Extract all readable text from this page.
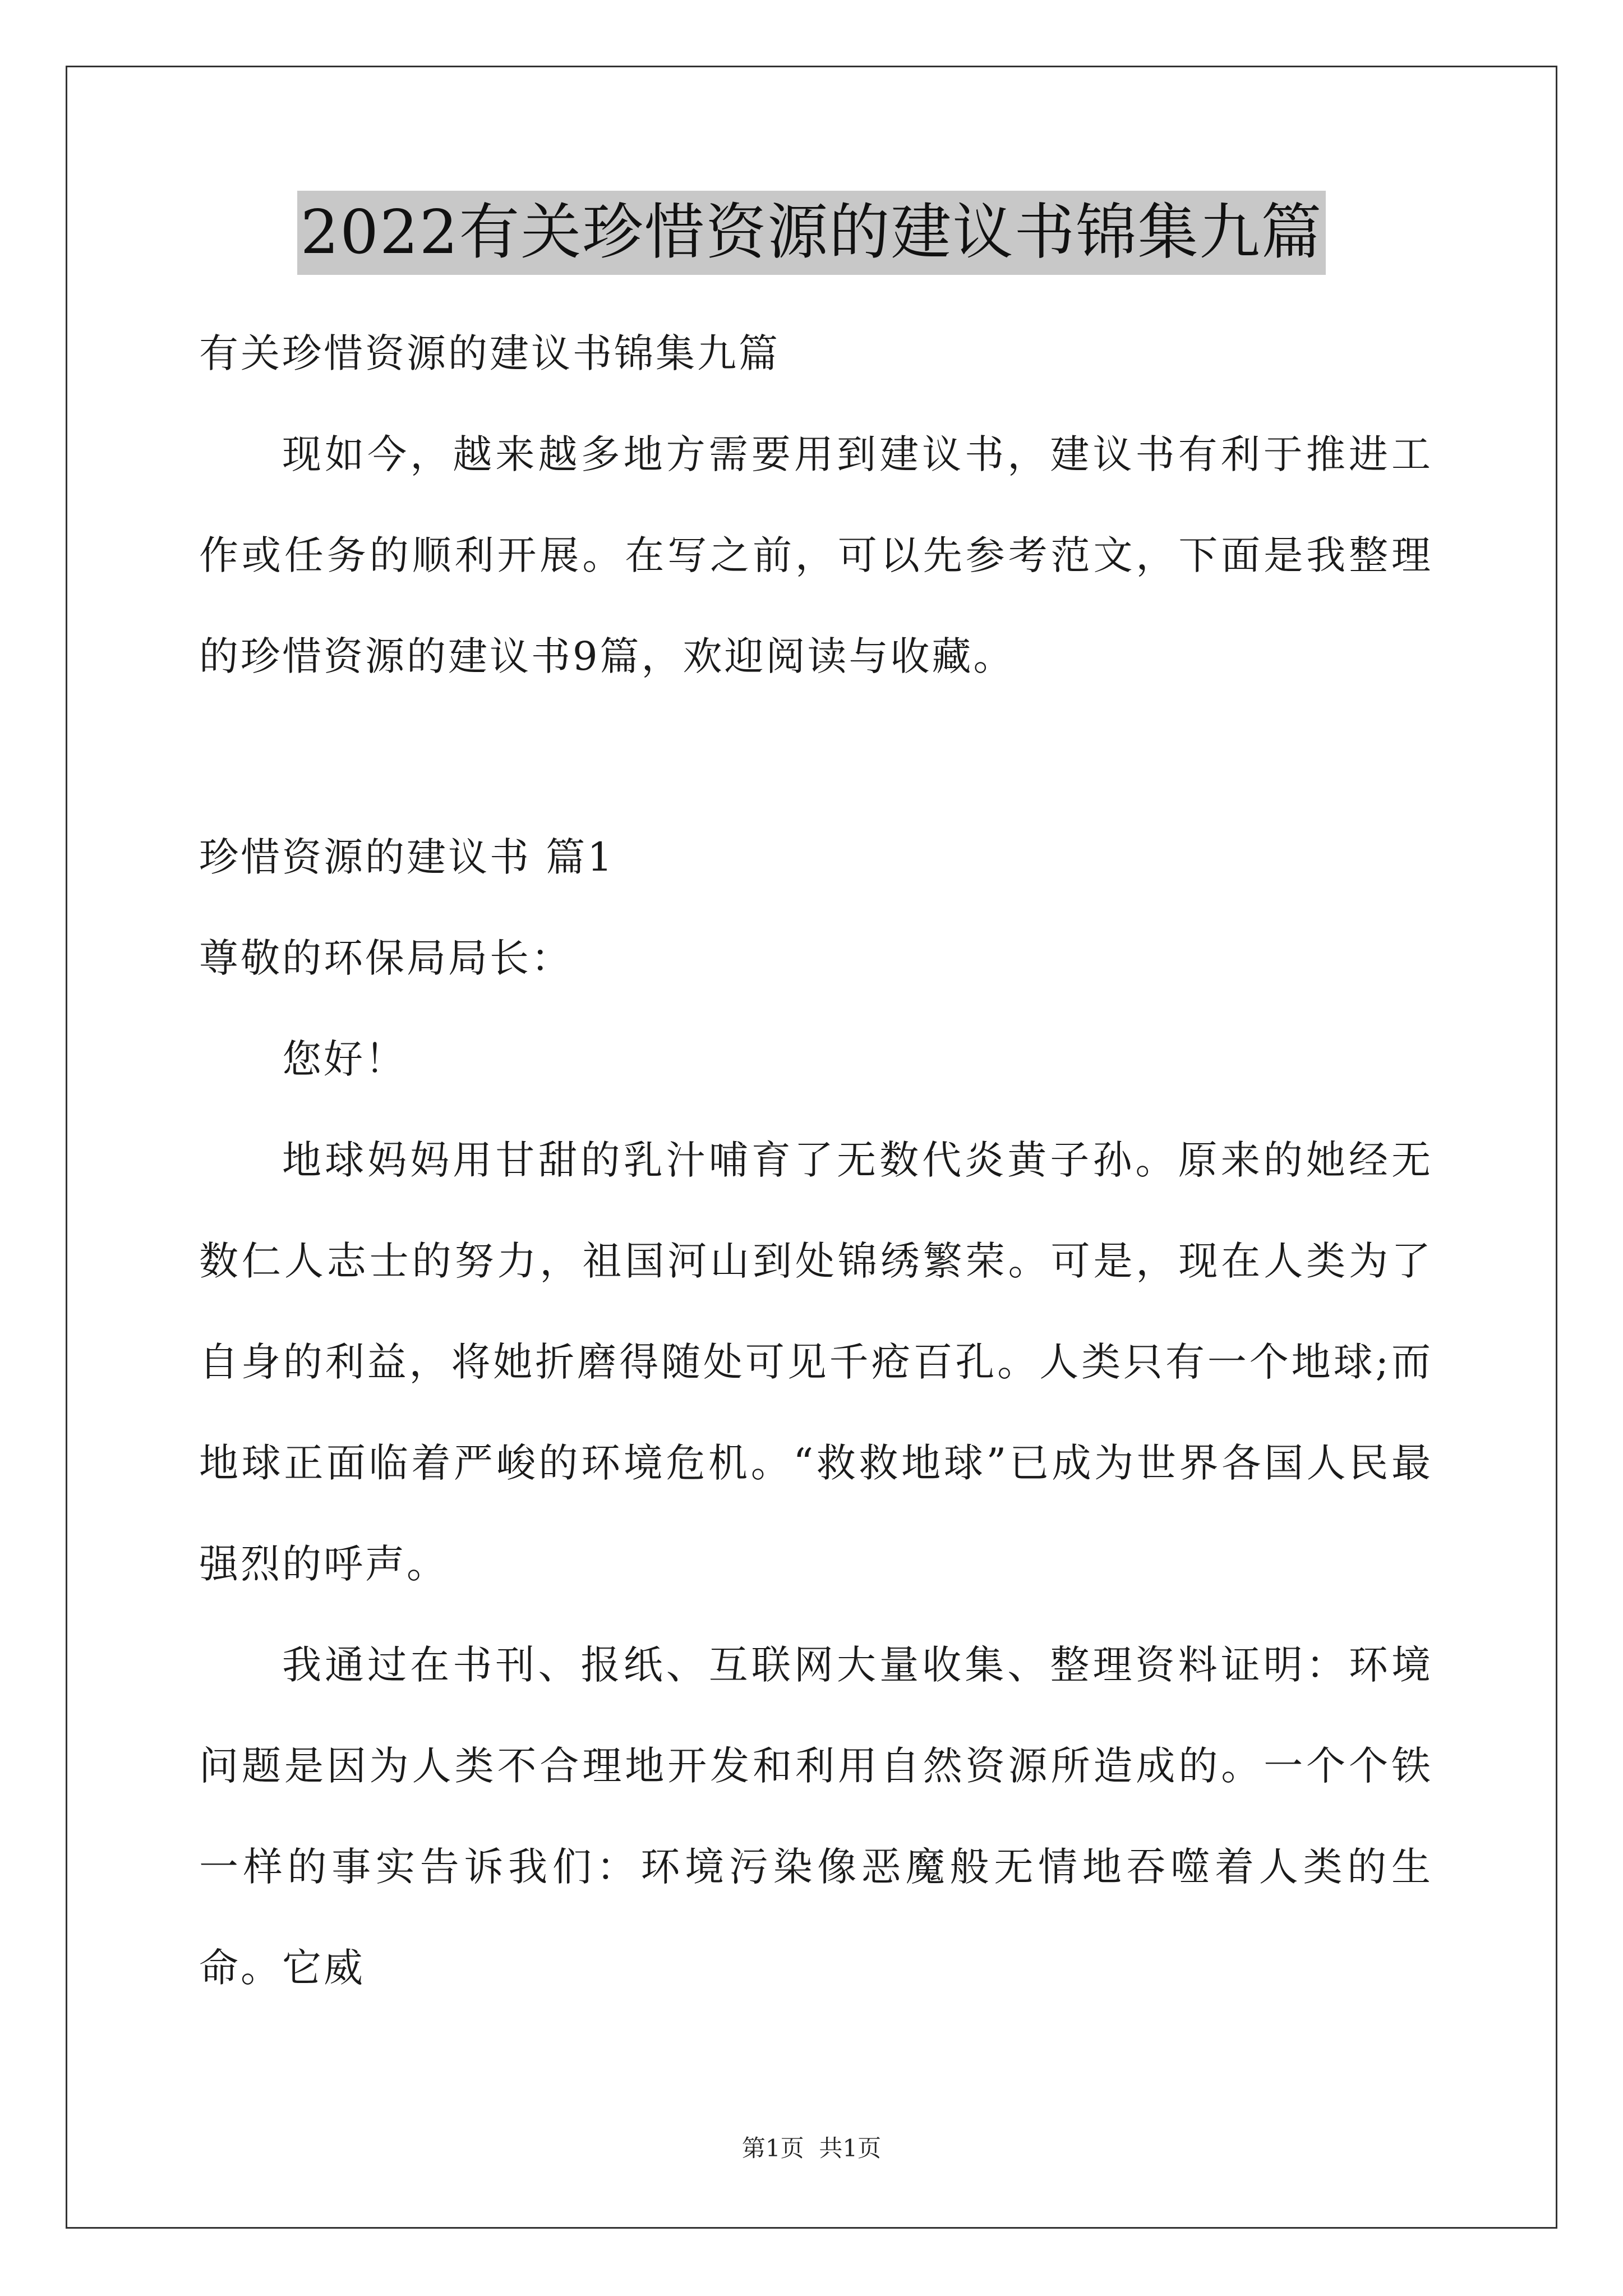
2022有关珍惜资源的建议书锦集九篇

有关珍惜资源的建议书锦集九篇

现如今，越来越多地方需要用到建议书，建议书有利于推进工作或任务的顺利开展。在写之前，可以先参考范文，下面是我整理的珍惜资源的建议书9篇，欢迎阅读与收藏。

珍惜资源的建议书 篇1

尊敬的环保局局长：

您好！

地球妈妈用甘甜的乳汁哺育了无数代炎黄子孙。原来的她经无数仁人志士的努力，祖国河山到处锦绣繁荣。可是，现在人类为了自身的利益，将她折磨得随处可见千疮百孔。人类只有一个地球;而地球正面临着严峻的环境危机。“救救地球”已成为世界各国人民最强烈的呼声。

我通过在书刊、报纸、互联网大量收集、整理资料证明：环境问题是因为人类不合理地开发和利用自然资源所造成的。一个个铁一样的事实告诉我们：环境污染像恶魔般无情地吞噬着人类的生命。它威

第1页  共1页
